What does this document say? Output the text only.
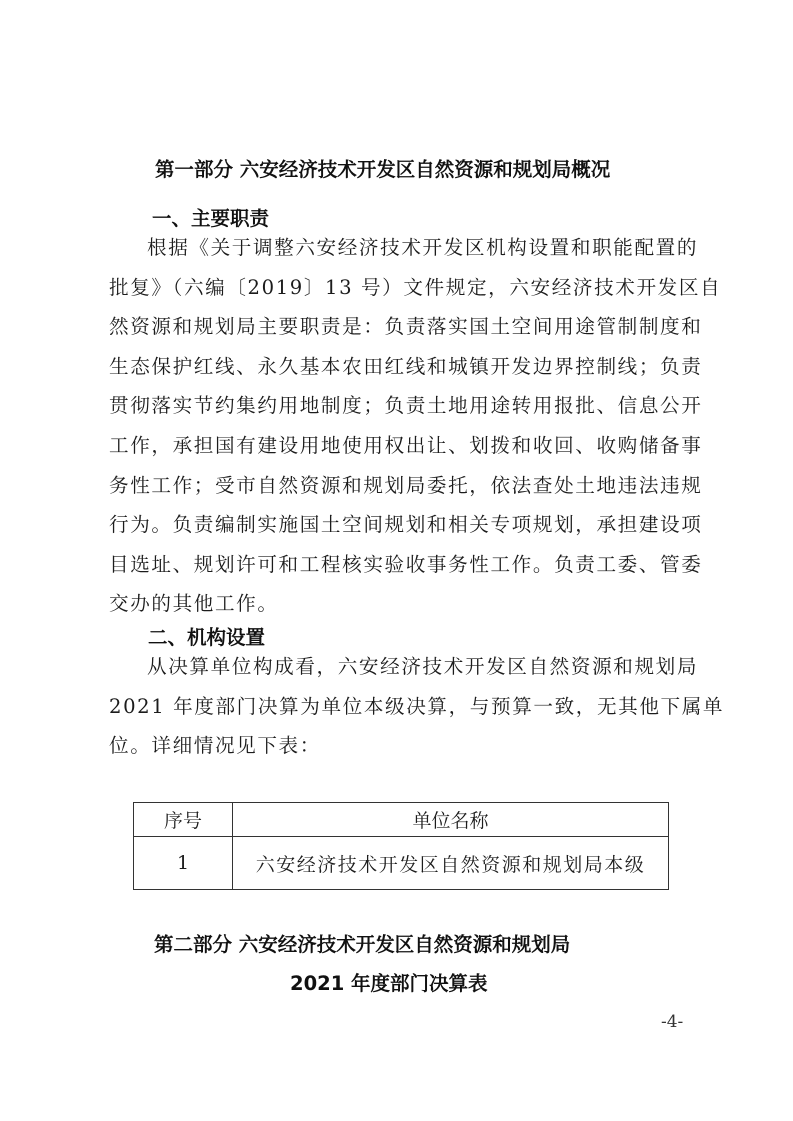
第一部分 六安经济技术开发区自然资源和规划局概况
一、主要职责
根据《关于调整六安经济技术开发区机构设置和职能配置的
批复》（六编〔2019〕13 号）文件规定，六安经济技术开发区自
然资源和规划局主要职责是：负责落实国土空间用途管制制度和
生态保护红线、永久基本农田红线和城镇开发边界控制线；负责
贯彻落实节约集约用地制度；负责土地用途转用报批、信息公开
工作，承担国有建设用地使用权出让、划拨和收回、收购储备事
务性工作；受市自然资源和规划局委托，依法查处土地违法违规
行为。负责编制实施国土空间规划和相关专项规划，承担建设项
目选址、规划许可和工程核实验收事务性工作。负责工委、管委
交办的其他工作。
二、机构设置
从决算单位构成看，六安经济技术开发区自然资源和规划局
2021 年度部门决算为单位本级决算，与预算一致，无其他下属单
位。详细情况见下表：
序号	单位名称
1	六安经济技术开发区自然资源和规划局本级
第二部分 六安经济技术开发区自然资源和规划局
2021 年度部门决算表
-4-
